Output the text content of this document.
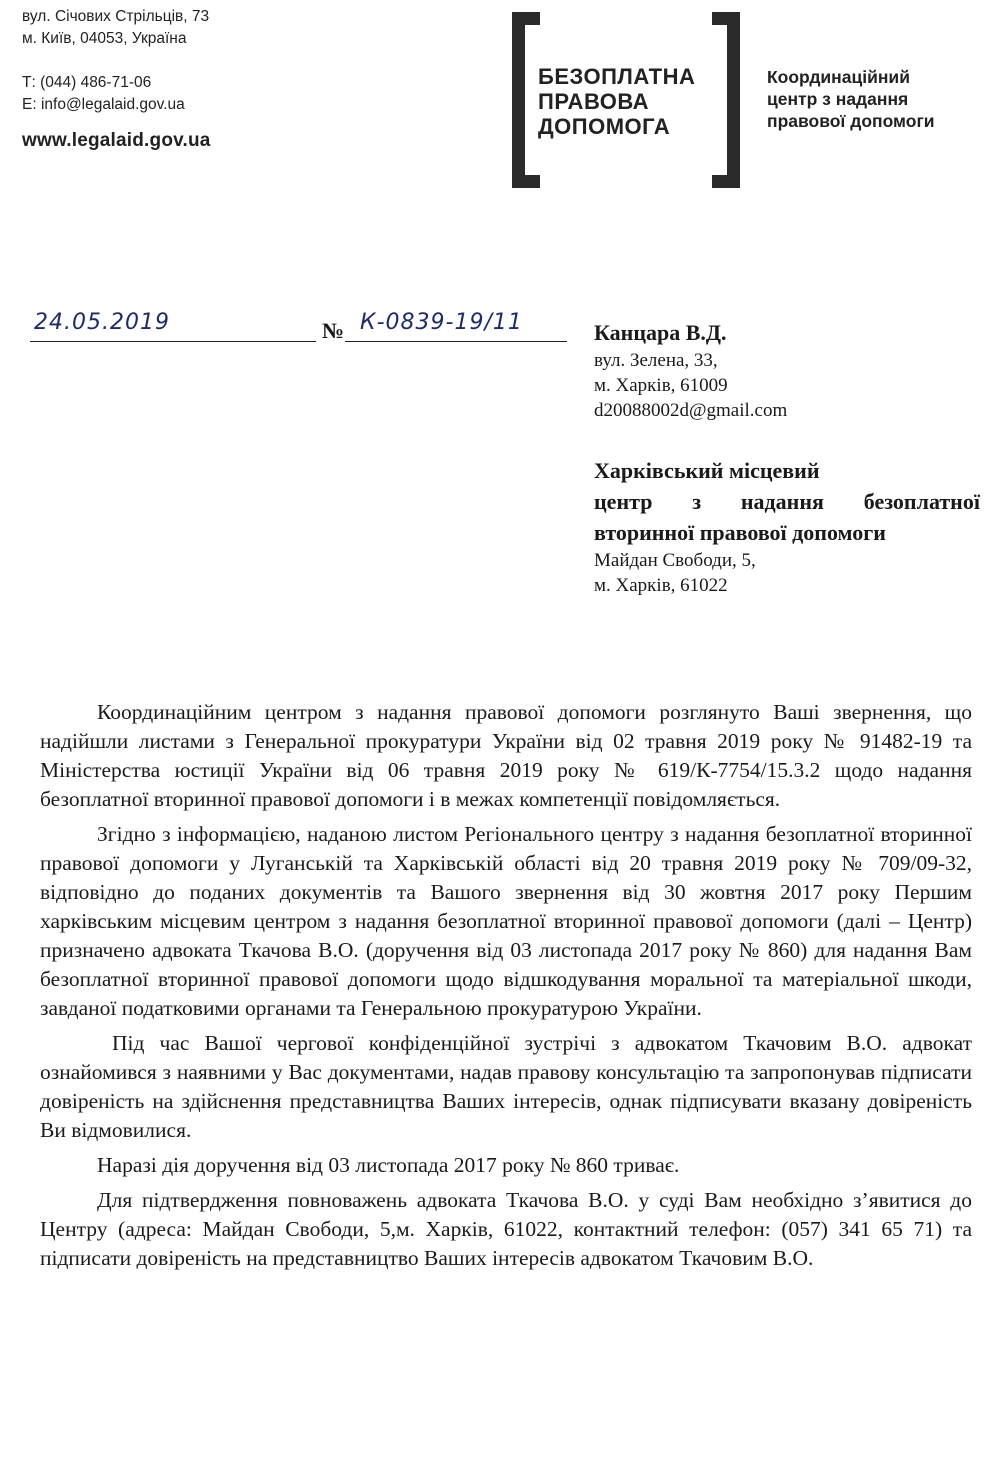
вул. Січових Стрільців, 73
м. Київ, 04053, Україна
Т: (044) 486-71-06
E: info@legalaid.gov.ua
www.legalaid.gov.ua
БЕЗОПЛАТНА
ПРАВОВА
ДОПОМОГА
Координаційний
центр з надання
правової допомоги
24.05.2019	№ К-0839-19/11	Канцара В.Д.
вул. Зелена, 33,
м. Харків, 61009
d20088002d@gmail.com
Харківський місцевий
центр з надання безоплатної
вторинної правової допомоги
Майдан Свободи, 5,
м. Харків, 61022

Координаційним центром з надання правової допомоги розглянуто Ваші звернення, що надійшли листами з Генеральної прокуратури України від 02 травня 2019 року № 91482-19 та Міністерства юстиції України від 06 травня 2019 року № 619/К-7754/15.3.2 щодо надання безоплатної вторинної правової допомоги і в межах компетенції повідомляється.

Згідно з інформацією, наданою листом Регіонального центру з надання безоплатної вторинної правової допомоги у Луганській та Харківській області від 20 травня 2019 року № 709/09-32, відповідно до поданих документів та Вашого звернення від 30 жовтня 2017 року Першим харківським місцевим центром з надання безоплатної вторинної правової допомоги (далі – Центр) призначено адвоката Ткачова В.О. (доручення від 03 листопада 2017 року № 860) для надання Вам безоплатної вторинної правової допомоги щодо відшкодування моральної та матеріальної шкоди, завданої податковими органами та Генеральною прокуратурою України.

Під час Вашої чергової конфіденційної зустрічі з адвокатом Ткачовим В.О. адвокат ознайомився з наявними у Вас документами, надав правову консультацію та запропонував підписати довіреність на здійснення представництва Ваших інтересів, однак підписувати вказану довіреність Ви відмовилися.

Наразі дія доручення від 03 листопада 2017 року № 860 триває.

Для підтвердження повноважень адвоката Ткачова В.О. у суді Вам необхідно з’явитися до Центру (адреса: Майдан Свободи, 5,м. Харків, 61022, контактний телефон: (057) 341 65 71) та підписати довіреність на представництво Ваших інтересів адвокатом Ткачовим В.О.
